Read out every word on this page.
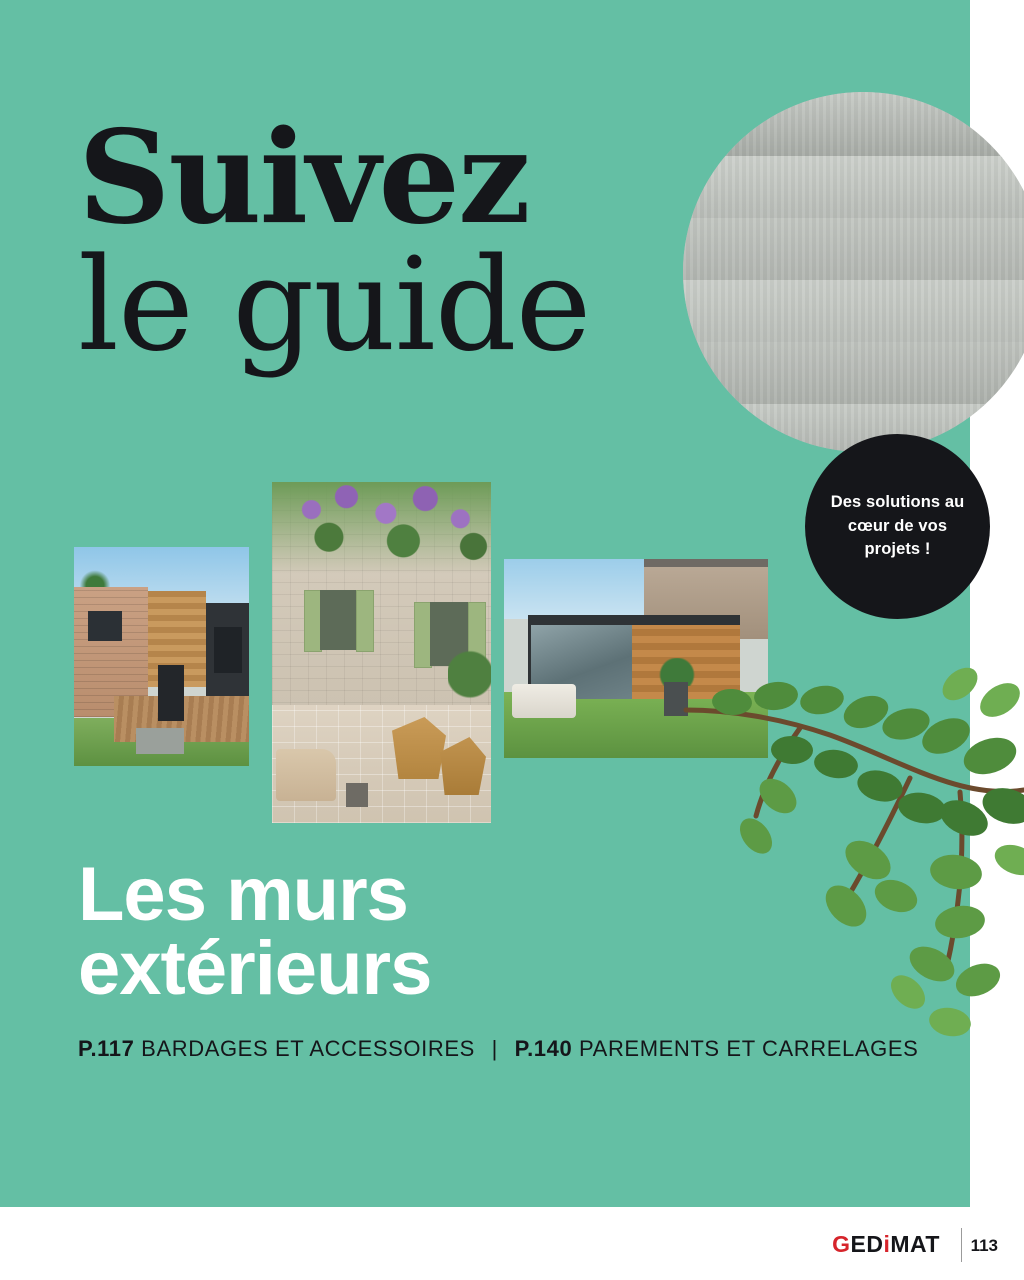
Suivez
le guide
Des solutions au cœur de vos projets !
Les murs
extérieurs
P.117 BARDAGES ET ACCESSOIRES | P.140 PAREMENTS ET CARRELAGES
GEDiMAT 113
